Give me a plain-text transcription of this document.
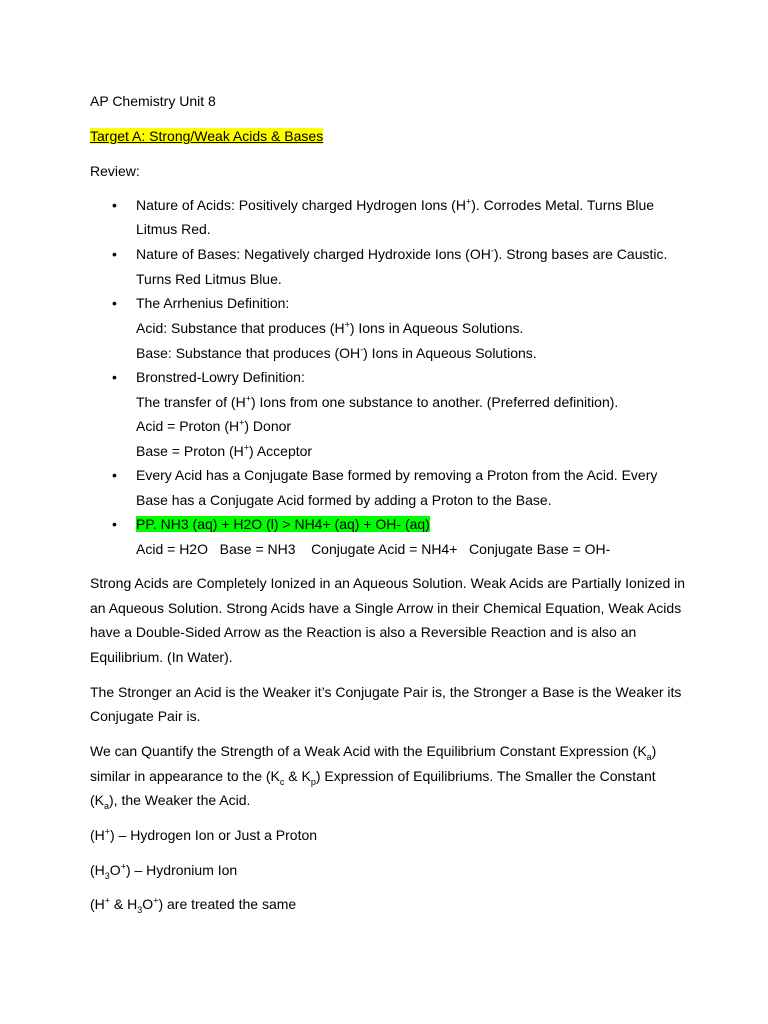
AP Chemistry Unit 8
Target A: Strong/Weak Acids & Bases
Review:
• Nature of Acids: Positively charged Hydrogen Ions (H+). Corrodes Metal. Turns Blue
Litmus Red.
• Nature of Bases: Negatively charged Hydroxide Ions (OH-). Strong bases are Caustic.
Turns Red Litmus Blue.
• The Arrhenius Definition:
Acid: Substance that produces (H+) Ions in Aqueous Solutions.
Base: Substance that produces (OH-) Ions in Aqueous Solutions.
• Bronstred-Lowry Definition:
The transfer of (H+) Ions from one substance to another. (Preferred definition).
Acid = Proton (H+) Donor
Base = Proton (H+) Acceptor
• Every Acid has a Conjugate Base formed by removing a Proton from the Acid. Every
Base has a Conjugate Acid formed by adding a Proton to the Base.
• PP. NH3 (aq) + H2O (l) > NH4+ (aq) + OH- (aq)
Acid = H2O   Base = NH3    Conjugate Acid = NH4+   Conjugate Base = OH-
Strong Acids are Completely Ionized in an Aqueous Solution. Weak Acids are Partially Ionized in
an Aqueous Solution. Strong Acids have a Single Arrow in their Chemical Equation, Weak Acids
have a Double-Sided Arrow as the Reaction is also a Reversible Reaction and is also an
Equilibrium. (In Water).
The Stronger an Acid is the Weaker it’s Conjugate Pair is, the Stronger a Base is the Weaker its
Conjugate Pair is.
We can Quantify the Strength of a Weak Acid with the Equilibrium Constant Expression $(K_a)$
similar in appearance to the ($K_c$ & $K_p$) Expression of Equilibriums. The Smaller the Constant
$(K_a)$, the Weaker the Acid.
(H+) – Hydrogen Ion or Just a Proton
$(H_3O^+)$ – Hydronium Ion
(H+ & $H_3O^+$) are treated the same
